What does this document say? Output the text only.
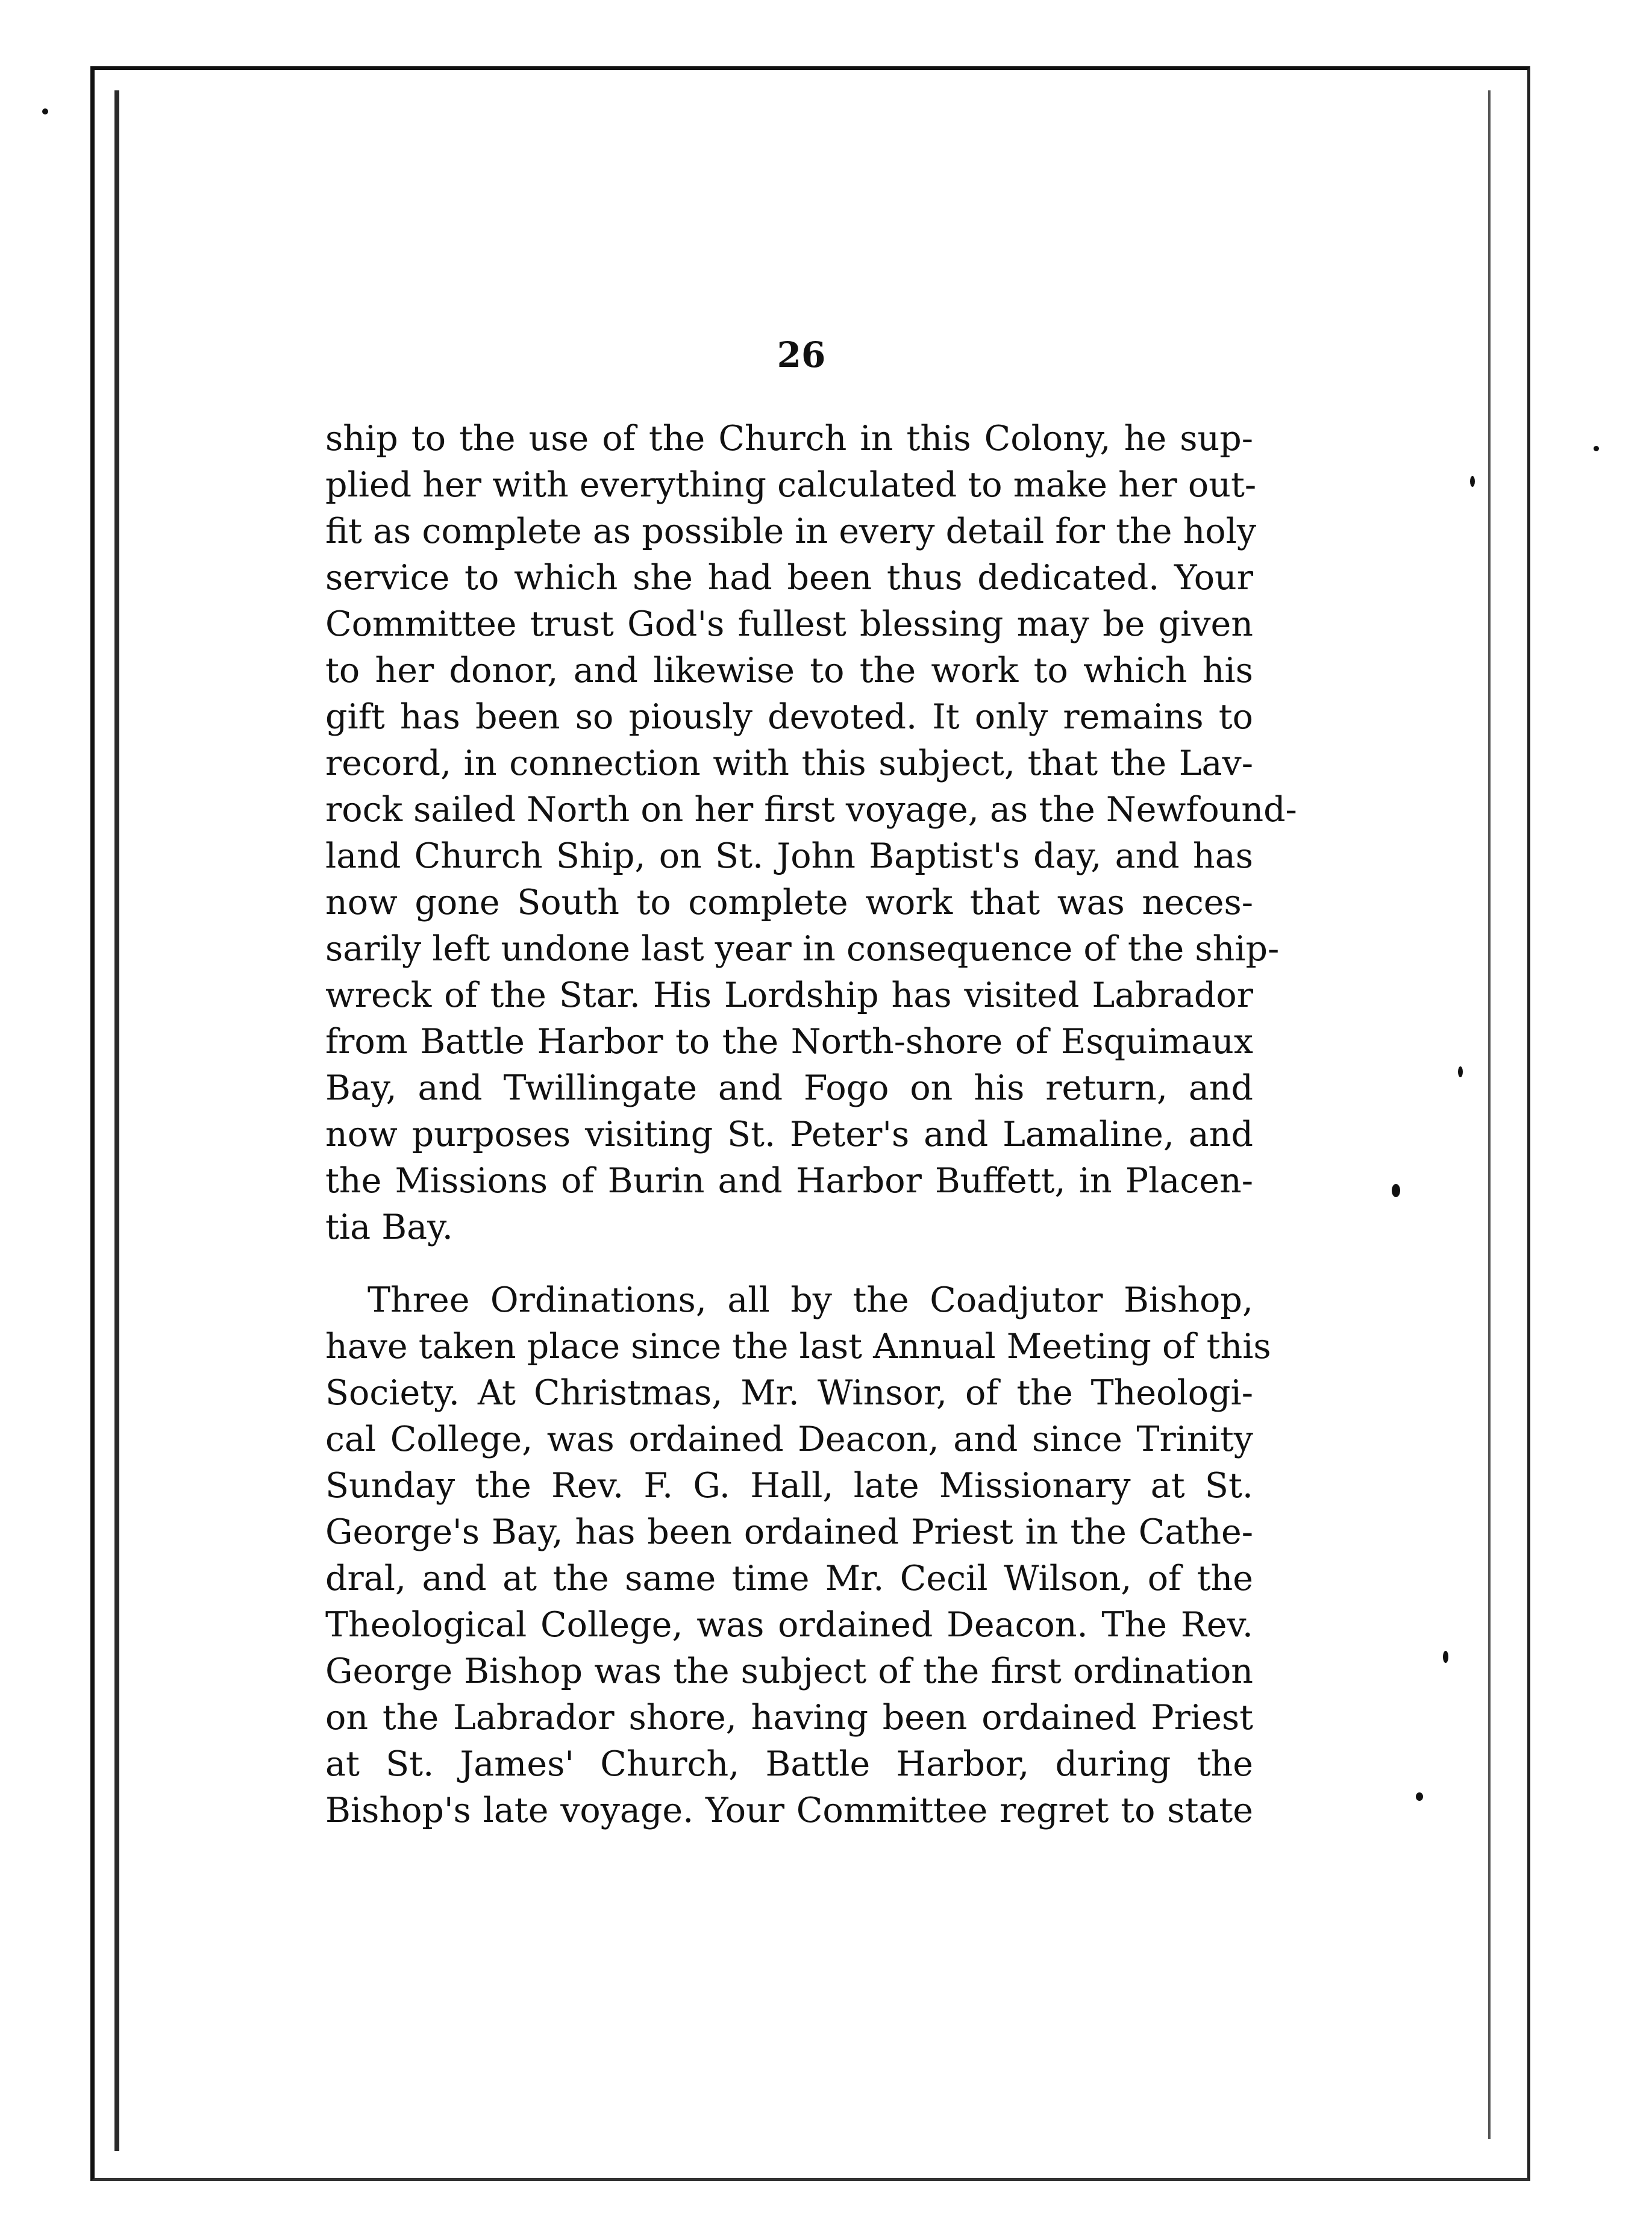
26
ship to the use of the Church in this Colony, he sup-
plied her with everything calculated to make her out-
fit as complete as possible in every detail for the holy
service to which she had been thus dedicated. Your
Committee trust God's fullest blessing may be given
to her donor, and likewise to the work to which his
gift has been so piously devoted. It only remains to
record, in connection with this subject, that the Lav-
rock sailed North on her first voyage, as the Newfound-
land Church Ship, on St. John Baptist's day, and has
now gone South to complete work that was neces-
sarily left undone last year in consequence of the ship-
wreck of the Star. His Lordship has visited Labrador
from Battle Harbor to the North-shore of Esquimaux
Bay, and Twillingate and Fogo on his return, and
now purposes visiting St. Peter's and Lamaline, and
the Missions of Burin and Harbor Buffett, in Placen-
tia Bay.
Three Ordinations, all by the Coadjutor Bishop,
have taken place since the last Annual Meeting of this
Society. At Christmas, Mr. Winsor, of the Theologi-
cal College, was ordained Deacon, and since Trinity
Sunday the Rev. F. G. Hall, late Missionary at St.
George's Bay, has been ordained Priest in the Cathe-
dral, and at the same time Mr. Cecil Wilson, of the
Theological College, was ordained Deacon. The Rev.
George Bishop was the subject of the first ordination
on the Labrador shore, having been ordained Priest
at St. James' Church, Battle Harbor, during the
Bishop's late voyage. Your Committee regret to state
